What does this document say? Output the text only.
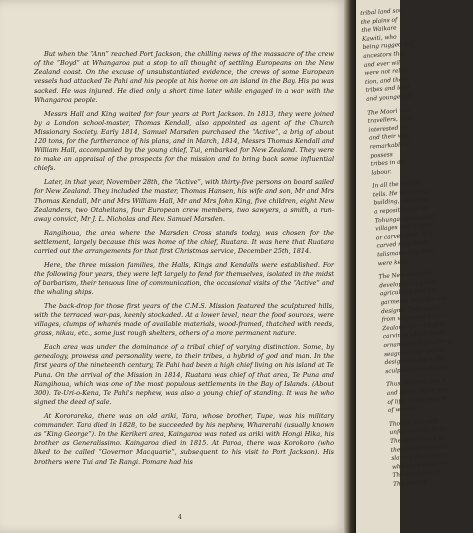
But when the “Ann” reached Port Jackson, the chilling news of the massacre of the crew of the “Boyd” at Whangaroa put a stop to all thought of settling Europeans on the New Zealand coast. On the excuse of unsubstantiated evidence, the crews of some European vessels had attacked Te Pahi and his people at his home on an island in the Bay. His pa was sacked. He was injured. He died only a short time later while engaged in a war with the Whangaroa people.

Messrs Hall and King waited for four years at Port Jackson. In 1813, they were joined by a London school-master, Thomas Kendall, also appointed as agent of the Church Missionary Society. Early 1814, Samuel Marsden purchased the “Active”, a brig of about 120 tons, for the furtherance of his plans, and in March, 1814, Messrs Thomas Kendall and William Hall, accompanied by the young chief, Tui, embarked for New Zealand. They were to make an appraisal of the prospects for the mission and to bring back some influential chiefs.

Later, in that year, November 28th, the “Active”, with thirty-five persons on board sailed for New Zealand. They included the master, Thomas Hansen, his wife and son, Mr and Mrs Thomas Kendall, Mr and Mrs William Hall, Mr and Mrs John King, five children, eight New Zealanders, two Otaheitans, four European crew members, two sawyers, a smith, a run-away convict, Mr J. L. Nicholas and Rev. Samuel Marsden.

Rangihoua, the area where the Marsden Cross stands today, was chosen for the settlement, largely because this was home of the chief, Ruatara. It was here that Ruatara carried out the arrangements for that first Christmas service, December 25th, 1814.

Here, the three mission families, the Halls, Kings and Kendalls were established. For the following four years, they were left largely to fend for themselves, isolated in the midst of barbarism, their tenuous line of communication, the occasional visits of the “Active” and the whaling ships.

The back-drop for those first years of the C.M.S. Mission featured the sculptured hills, with the terraced war-pas, keenly stockaded. At a lower level, near the food sources, were villages, clumps of wharés made of available materials, wood-framed, thatched with reeds, grass, nikau, etc., some just rough shelters, others of a more permanent nature.

Each area was under the dominance of a tribal chief of varying distinction. Some, by genealogy, prowess and personality were, to their tribes, a hybrid of god and man. In the first years of the nineteenth century, Te Pahi had been a high chief living on his island at Te Puna. On the arrival of the Mission in 1814, Ruatara was chief of that area, Te Puna and Rangihoua, which was one of the most populous settlements in the Bay of Islands. (About 300). Te-Uri-o-Kena, Te Pahi's nephew, was also a young chief of standing. It was he who signed the deed of sale.

At Kororareka, there was an old ariki, Tara, whose brother, Tupe, was his military commander. Tara died in 1828, to be succeeded by his nephew, Wharerahi (usually known as “King George”). In the Kerikeri area, Kaingaroa was rated as ariki with Hongi Hika, his brother as Generalissimo. Kaingaroa died in 1815. At Paroa, there was Korokoro (who liked to be called “Governor Macquarie”, subsequent to his visit to Port Jackson). His brothers were Tui and Te Rangi. Pomare had his

4
tribal land sou
the plains of
the Waikare
Kawiti, who
being rugged and
ancestors the
and ever wil
were not reliab
tion, and there
tribes and lead
and younger ch
The Maori wer
travellers, they
interested in
and their way
remarkable in
possess
tribes in an
labour.
In all the arts of
tells. He was an ag
building, tattooing
a repository for all
Tohunga specialised
villages had a distin
or carved post. It w
carved ribs. Here,
talismans, etc. For t
were kept.
The New Zealande
developed to a high
agriculture and the
garments from the nat
designs. They made
from vegetable matter
Zealand native had s
carvings which could
ornaments of jewellery
seagoing and war ca
designs on the hulls
sculpture was decora
Thus, we owe, the M
and sense, there was
of life. There was re
of women.
Though this civil
unfortunately, in so
The Maori were in
they could trace the
slavery of an enem
who were devours
The dominant ch
The history
